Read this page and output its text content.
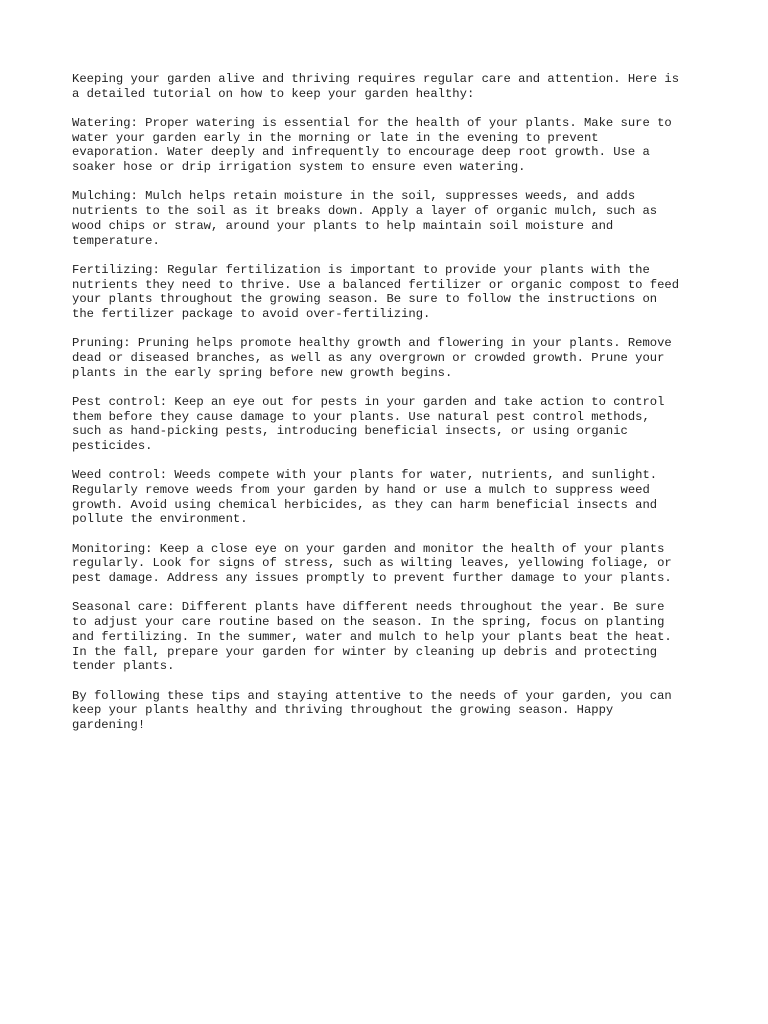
Keeping your garden alive and thriving requires regular care and attention. Here is
a detailed tutorial on how to keep your garden healthy:

Watering: Proper watering is essential for the health of your plants. Make sure to
water your garden early in the morning or late in the evening to prevent
evaporation. Water deeply and infrequently to encourage deep root growth. Use a
soaker hose or drip irrigation system to ensure even watering.

Mulching: Mulch helps retain moisture in the soil, suppresses weeds, and adds
nutrients to the soil as it breaks down. Apply a layer of organic mulch, such as
wood chips or straw, around your plants to help maintain soil moisture and
temperature.

Fertilizing: Regular fertilization is important to provide your plants with the
nutrients they need to thrive. Use a balanced fertilizer or organic compost to feed
your plants throughout the growing season. Be sure to follow the instructions on
the fertilizer package to avoid over-fertilizing.

Pruning: Pruning helps promote healthy growth and flowering in your plants. Remove
dead or diseased branches, as well as any overgrown or crowded growth. Prune your
plants in the early spring before new growth begins.

Pest control: Keep an eye out for pests in your garden and take action to control
them before they cause damage to your plants. Use natural pest control methods,
such as hand-picking pests, introducing beneficial insects, or using organic
pesticides.

Weed control: Weeds compete with your plants for water, nutrients, and sunlight.
Regularly remove weeds from your garden by hand or use a mulch to suppress weed
growth. Avoid using chemical herbicides, as they can harm beneficial insects and
pollute the environment.

Monitoring: Keep a close eye on your garden and monitor the health of your plants
regularly. Look for signs of stress, such as wilting leaves, yellowing foliage, or
pest damage. Address any issues promptly to prevent further damage to your plants.

Seasonal care: Different plants have different needs throughout the year. Be sure
to adjust your care routine based on the season. In the spring, focus on planting
and fertilizing. In the summer, water and mulch to help your plants beat the heat.
In the fall, prepare your garden for winter by cleaning up debris and protecting
tender plants.

By following these tips and staying attentive to the needs of your garden, you can
keep your plants healthy and thriving throughout the growing season. Happy
gardening!
